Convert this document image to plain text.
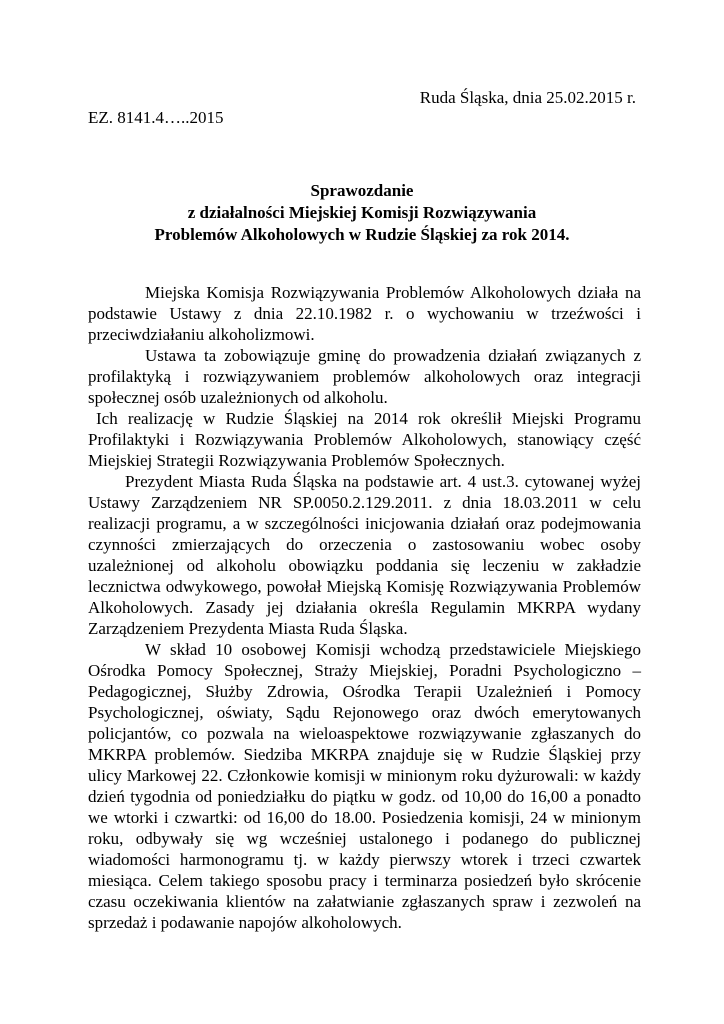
Ruda Śląska, dnia 25.02.2015 r.
EZ. 8141.4…..2015
Sprawozdanie
z działalności Miejskiej Komisji Rozwiązywania
Problemów Alkoholowych w Rudzie Śląskiej za rok 2014.
Miejska Komisja Rozwiązywania Problemów Alkoholowych działa na
podstawie Ustawy z dnia 22.10.1982 r. o wychowaniu w trzeźwości i
przeciwdziałaniu alkoholizmowi.
Ustawa ta zobowiązuje gminę do prowadzenia działań związanych z
profilaktyką i rozwiązywaniem problemów alkoholowych oraz integracji
społecznej osób uzależnionych od alkoholu.
Ich realizację w Rudzie Śląskiej na 2014 rok określił Miejski Programu
Profilaktyki i Rozwiązywania Problemów Alkoholowych, stanowiący część
Miejskiej Strategii Rozwiązywania Problemów Społecznych.
Prezydent Miasta Ruda Śląska na podstawie art. 4 ust.3. cytowanej wyżej
Ustawy Zarządzeniem NR SP.0050.2.129.2011. z dnia 18.03.2011 w celu
realizacji programu, a w szczególności inicjowania działań oraz podejmowania
czynności zmierzających do orzeczenia o zastosowaniu wobec osoby
uzależnionej od alkoholu obowiązku poddania się leczeniu w zakładzie
lecznictwa odwykowego, powołał Miejską Komisję Rozwiązywania Problemów
Alkoholowych. Zasady jej działania określa Regulamin MKRPA wydany
Zarządzeniem Prezydenta Miasta Ruda Śląska.
W skład 10 osobowej Komisji wchodzą przedstawiciele Miejskiego
Ośrodka Pomocy Społecznej, Straży Miejskiej, Poradni Psychologiczno –
Pedagogicznej, Służby Zdrowia, Ośrodka Terapii Uzależnień i Pomocy
Psychologicznej, oświaty, Sądu Rejonowego oraz dwóch emerytowanych
policjantów, co pozwala na wieloaspektowe rozwiązywanie zgłaszanych do
MKRPA problemów. Siedziba MKRPA znajduje się w Rudzie Śląskiej przy
ulicy Markowej 22. Członkowie komisji w minionym roku dyżurowali: w każdy
dzień tygodnia od poniedziałku do piątku w godz. od 10,00 do 16,00 a ponadto
we wtorki i czwartki: od 16,00 do 18.00. Posiedzenia komisji, 24 w minionym
roku, odbywały się wg wcześniej ustalonego i podanego do publicznej
wiadomości harmonogramu tj. w każdy pierwszy wtorek i trzeci czwartek
miesiąca. Celem takiego sposobu pracy i terminarza posiedzeń było skrócenie
czasu oczekiwania klientów na załatwianie zgłaszanych spraw i zezwoleń na
sprzedaż i podawanie napojów alkoholowych.
